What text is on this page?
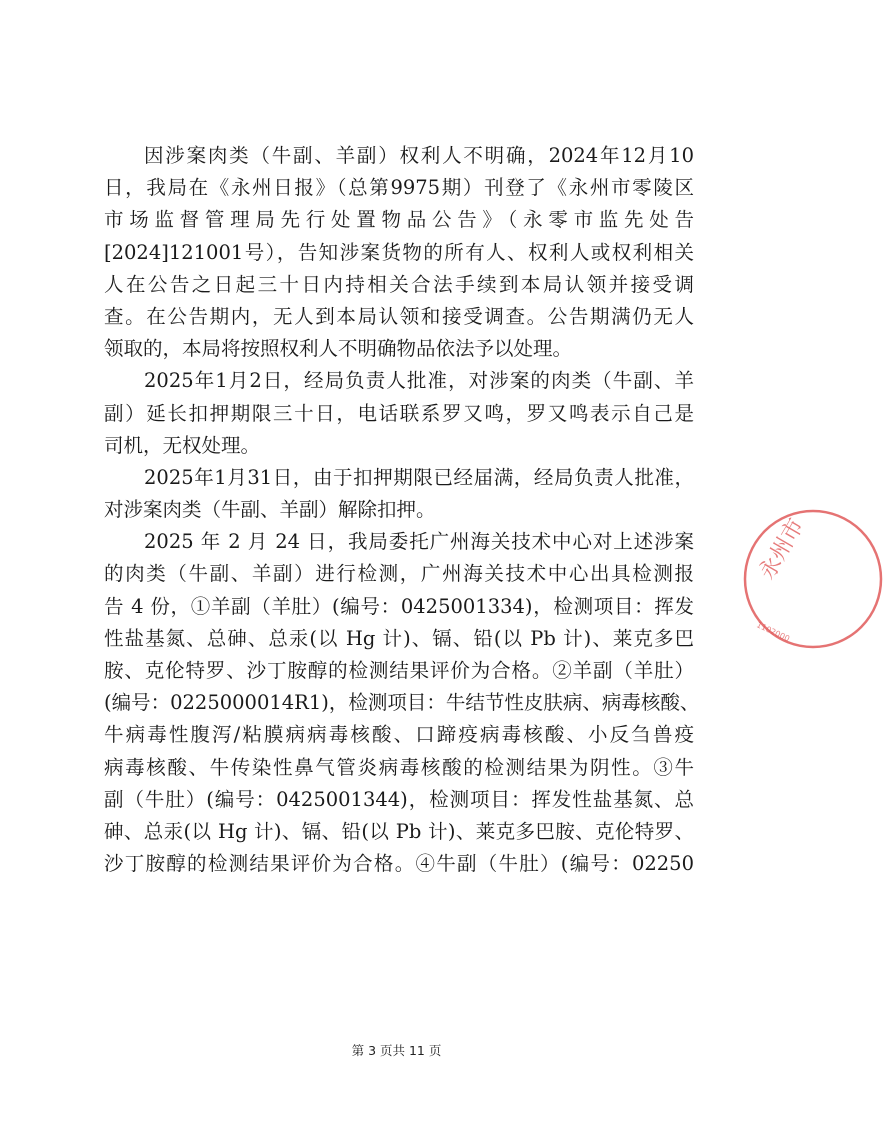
因涉案肉类（牛副、羊副）权利人不明确，2024年12月10
日，我局在《永州日报》（总第9975期）刊登了《永州市零陵区
市场监督管理局先行处置物品公告》（永零市监先处告
[2024]121001号），告知涉案货物的所有人、权利人或权利相关
人在公告之日起三十日内持相关合法手续到本局认领并接受调
查。在公告期内，无人到本局认领和接受调查。公告期满仍无人
领取的，本局将按照权利人不明确物品依法予以处理。
2025年1月2日，经局负责人批准，对涉案的肉类（牛副、羊
副）延长扣押期限三十日，电话联系罗又鸣，罗又鸣表示自己是
司机，无权处理。
2025年1月31日，由于扣押期限已经届满，经局负责人批准，
对涉案肉类（牛副、羊副）解除扣押。
2025 年 2 月 24 日，我局委托广州海关技术中心对上述涉案
的肉类（牛副、羊副）进行检测，广州海关技术中心出具检测报
告 4 份，①羊副（羊肚）(编号：0425001334)，检测项目：挥发
性盐基氮、总砷、总汞(以 Hg 计)、镉、铅(以 Pb 计)、莱克多巴
胺、克伦特罗、沙丁胺醇的检测结果评价为合格。②羊副（羊肚）
(编号：0225000014R1)，检测项目：牛结节性皮肤病、病毒核酸、
牛病毒性腹泻/粘膜病病毒核酸、口蹄疫病毒核酸、小反刍兽疫
病毒核酸、牛传染性鼻气管炎病毒核酸的检测结果为阴性。③牛
副（牛肚）(编号：0425001344)，检测项目：挥发性盐基氮、总
砷、总汞(以 Hg 计)、镉、铅(以 Pb 计)、莱克多巴胺、克伦特罗、
沙丁胺醇的检测结果评价为合格。④牛副（牛肚）(编号：02250
永州市
1102000
第 3 页共 11 页
